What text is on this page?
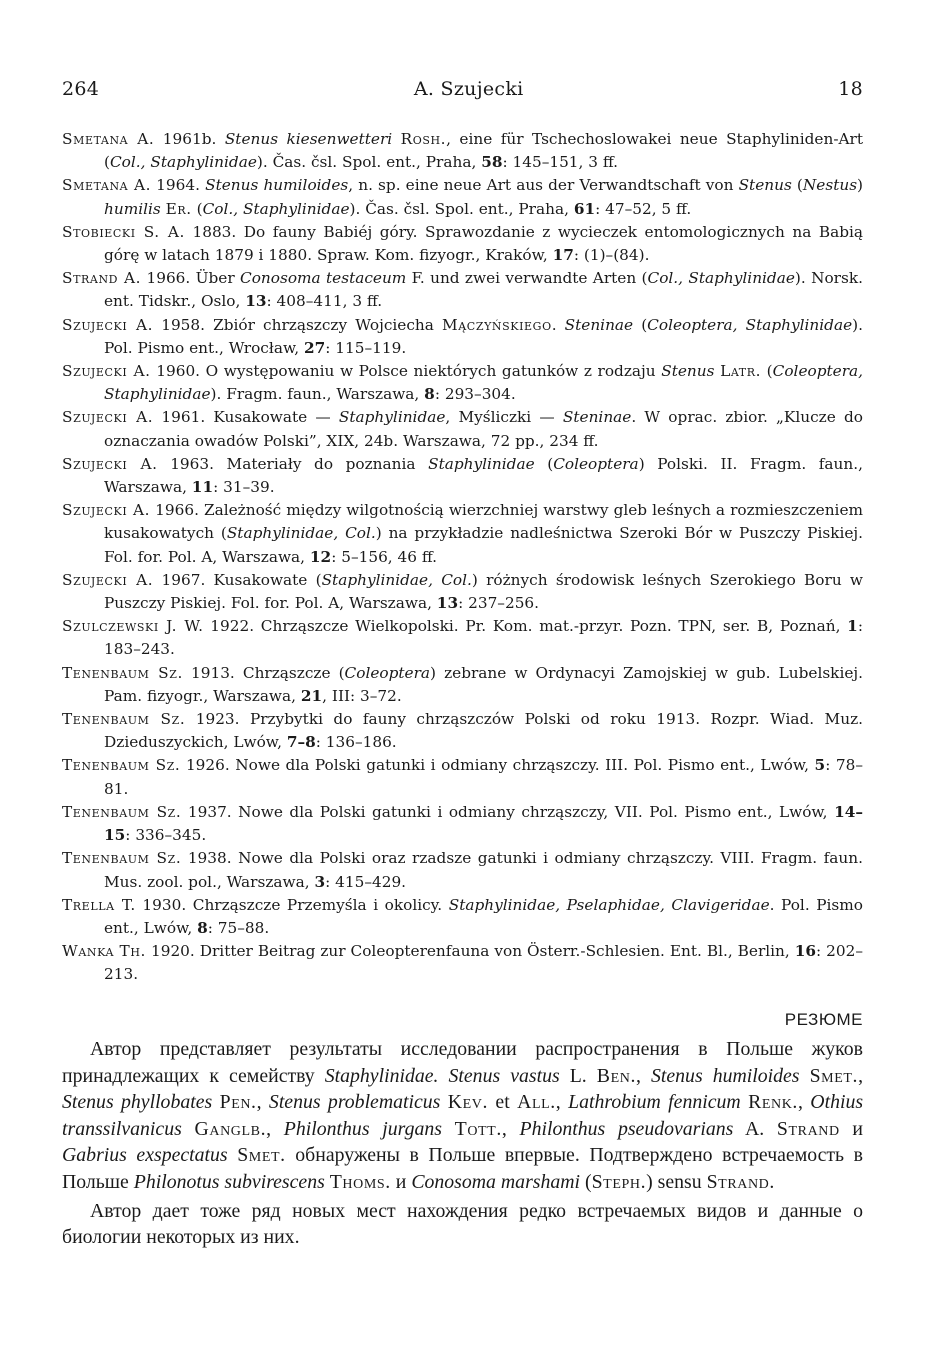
264	A. Szujecki	18

Smetana A. 1961b. Stenus kiesenwetteri Rosh., eine für Tschechoslowakei neue Staphyliniden-Art (Col., Staphylinidae). Čas. čsl. Spol. ent., Praha, 58: 145–151, 3 ff.

Smetana A. 1964. Stenus humiloides, n. sp. eine neue Art aus der Verwandtschaft von Stenus (Nestus) humilis Er. (Col., Staphylinidae). Čas. čsl. Spol. ent., Praha, 61: 47–52, 5 ff.

Stobiecki S. A. 1883. Do fauny Babiéj góry. Sprawozdanie z wycieczek entomologicznych na Babią górę w latach 1879 i 1880. Spraw. Kom. fizyogr., Kraków, 17: (1)–(84).

Strand A. 1966. Über Conosoma testaceum F. und zwei verwandte Arten (Col., Staphylinidae). Norsk. ent. Tidskr., Oslo, 13: 408–411, 3 ff.

Szujecki A. 1958. Zbiór chrząszczy Wojciecha Mączyńskiego. Steninae (Coleoptera, Staphylinidae). Pol. Pismo ent., Wrocław, 27: 115–119.

Szujecki A. 1960. O występowaniu w Polsce niektórych gatunków z rodzaju Stenus Latr. (Coleoptera, Staphylinidae). Fragm. faun., Warszawa, 8: 293–304.

Szujecki A. 1961. Kusakowate — Staphylinidae, Myśliczki — Steninae. W oprac. zbior. „Klucze do oznaczania owadów Polski”, XIX, 24b. Warszawa, 72 pp., 234 ff.

Szujecki A. 1963. Materiały do poznania Staphylinidae (Coleoptera) Polski. II. Fragm. faun., Warszawa, 11: 31–39.

Szujecki A. 1966. Zależność między wilgotnością wierzchniej warstwy gleb leśnych a rozmieszczeniem kusakowatych (Staphylinidae, Col.) na przykładzie nadleśnictwa Szeroki Bór w Puszczy Piskiej. Fol. for. Pol. A, Warszawa, 12: 5–156, 46 ff.

Szujecki A. 1967. Kusakowate (Staphylinidae, Col.) różnych środowisk leśnych Szerokiego Boru w Puszczy Piskiej. Fol. for. Pol. A, Warszawa, 13: 237–256.

Szulczewski J. W. 1922. Chrząszcze Wielkopolski. Pr. Kom. mat.-przyr. Pozn. TPN, ser. B, Poznań, 1: 183–243.

Tenenbaum Sz. 1913. Chrząszcze (Coleoptera) zebrane w Ordynacyi Zamojskiej w gub. Lubelskiej. Pam. fizyogr., Warszawa, 21, III: 3–72.

Tenenbaum Sz. 1923. Przybytki do fauny chrząszczów Polski od roku 1913. Rozpr. Wiad. Muz. Dzieduszyckich, Lwów, 7–8: 136–186.

Tenenbaum Sz. 1926. Nowe dla Polski gatunki i odmiany chrząszczy. III. Pol. Pismo ent., Lwów, 5: 78–81.

Tenenbaum Sz. 1937. Nowe dla Polski gatunki i odmiany chrząszczy, VII. Pol. Pismo ent., Lwów, 14–15: 336–345.

Tenenbaum Sz. 1938. Nowe dla Polski oraz rzadsze gatunki i odmiany chrząszczy. VIII. Fragm. faun. Mus. zool. pol., Warszawa, 3: 415–429.

Trella T. 1930. Chrząszcze Przemyśla i okolicy. Staphylinidae, Pselaphidae, Clavigeridae. Pol. Pismo ent., Lwów, 8: 75–88.

Wanka Th. 1920. Dritter Beitrag zur Coleopterenfauna von Österr.-Schlesien. Ent. Bl., Berlin, 16: 202–213.

РЕЗЮМЕ

Автор представляет результаты исследовании распространения в Польше жуков принадлежащих к семейству Staphylinidae. Stenus vastus L. Ben., Stenus humiloides Smet., Stenus phyllobates Pen., Stenus problematicus Kev. et All., Lathrobium fennicum Renk., Othius transsilvanicus Ganglb., Philonthus jurgans Tott., Philonthus pseudovarians A. Strand и Gabrius exspectatus Smet. обнаружены в Польше впервые. Подтверждено встречаемость в Польше Philonotus subvirescens Thoms. и Conosoma marshami (Steph.) sensu Strand.

Автор дает тоже ряд новых мест нахождения редко встречаемых видов и данные о биологии некоторых из них.
